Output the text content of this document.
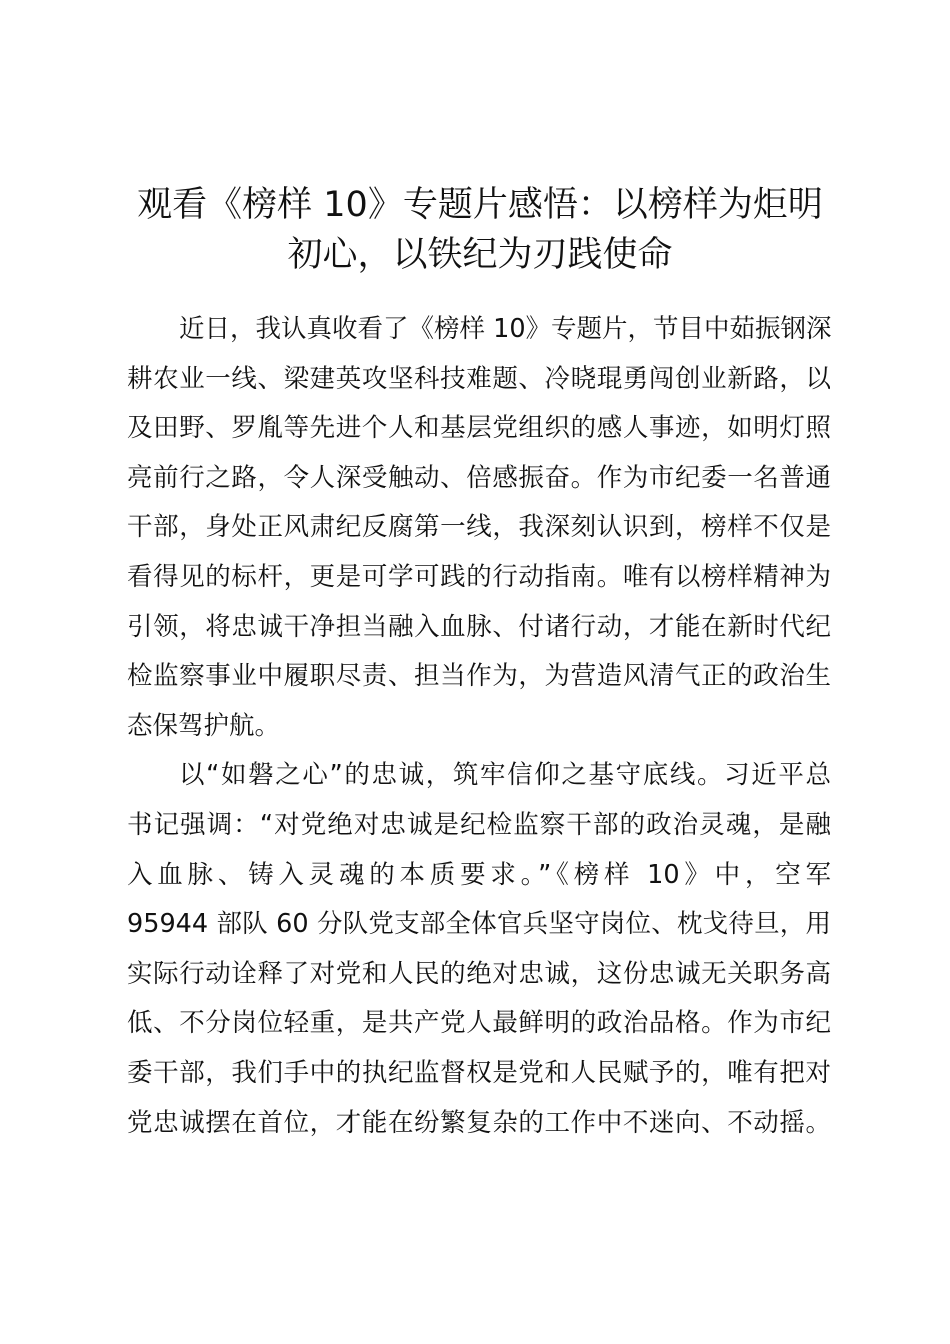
观看《榜样 10》专题片感悟：以榜样为炬明
初心，以铁纪为刃践使命
近日，我认真收看了《榜样 10》专题片，节目中茹振钢深
耕农业一线、梁建英攻坚科技难题、冷晓琨勇闯创业新路，以
及田野、罗胤等先进个人和基层党组织的感人事迹，如明灯照
亮前行之路，令人深受触动、倍感振奋。作为市纪委一名普通
干部，身处正风肃纪反腐第一线，我深刻认识到，榜样不仅是
看得见的标杆，更是可学可践的行动指南。唯有以榜样精神为
引领，将忠诚干净担当融入血脉、付诸行动，才能在新时代纪
检监察事业中履职尽责、担当作为，为营造风清气正的政治生
态保驾护航。
以“如磐之心”的忠诚，筑牢信仰之基守底线。习近平总
书记强调：“对党绝对忠诚是纪检监察干部的政治灵魂，是融
入血脉、铸入灵魂的本质要求。”《榜样 10》中，空军
95944 部队 60 分队党支部全体官兵坚守岗位、枕戈待旦，用
实际行动诠释了对党和人民的绝对忠诚，这份忠诚无关职务高
低、不分岗位轻重，是共产党人最鲜明的政治品格。作为市纪
委干部，我们手中的执纪监督权是党和人民赋予的，唯有把对
党忠诚摆在首位，才能在纷繁复杂的工作中不迷向、不动摇。
